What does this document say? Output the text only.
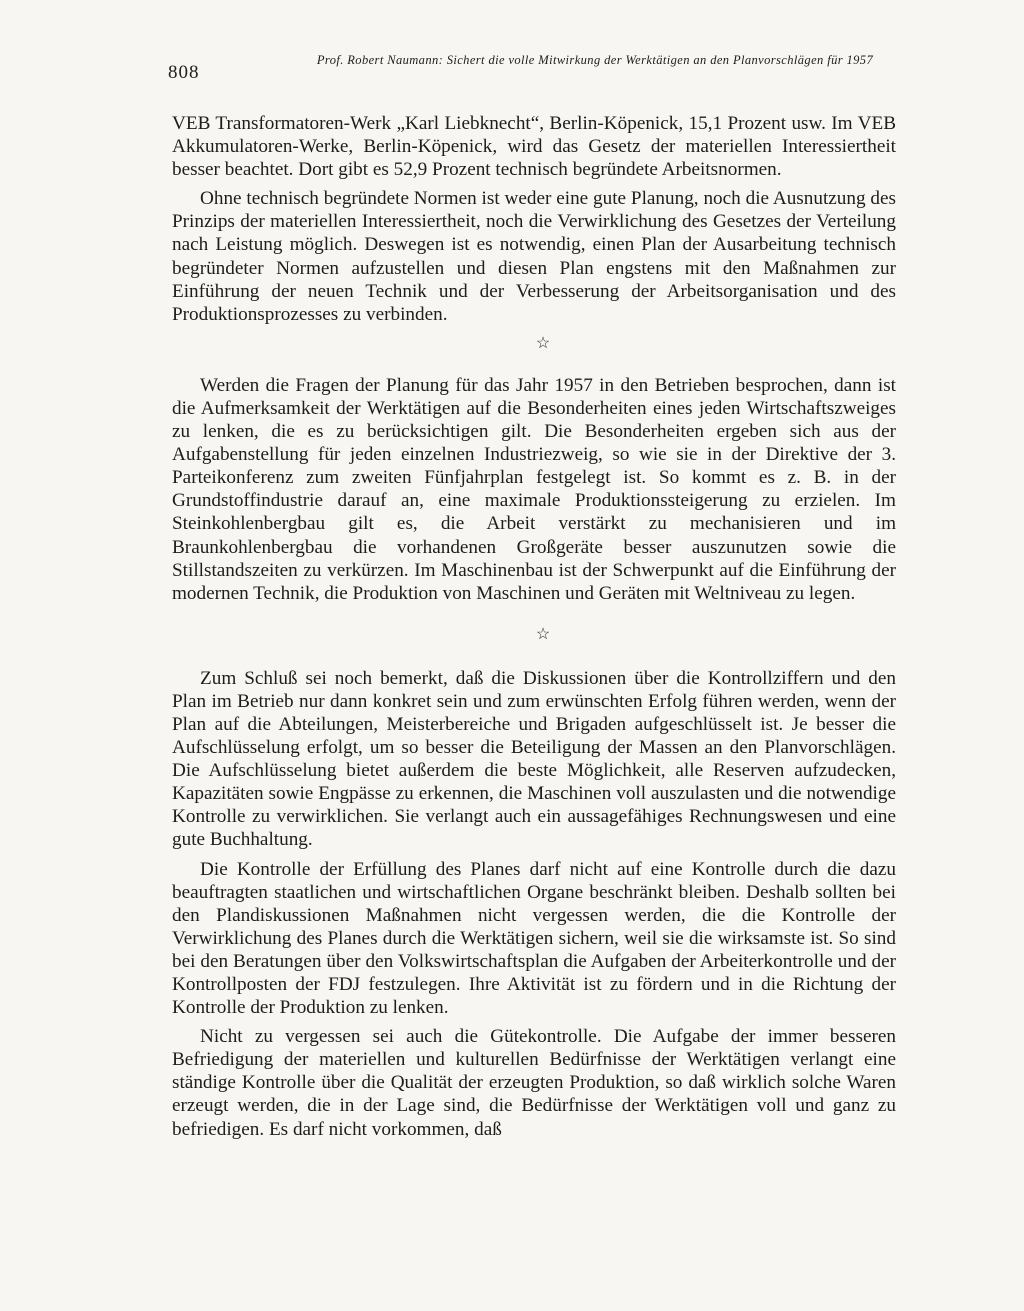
808
Prof. Robert Naumann: Sichert die volle Mitwirkung der Werktätigen an den Planvorschlägen für 1957

VEB Transformatoren-Werk „Karl Liebknecht“, Berlin-Köpenick, 15,1 Prozent usw. Im VEB Akkumulatoren-Werke, Berlin-Köpenick, wird das Gesetz der materiellen Interessiertheit besser beachtet. Dort gibt es 52,9 Prozent technisch begründete Arbeitsnormen.

Ohne technisch begründete Normen ist weder eine gute Planung, noch die Ausnutzung des Prinzips der materiellen Interessiertheit, noch die Verwirklichung des Gesetzes der Verteilung nach Leistung möglich. Deswegen ist es notwendig, einen Plan der Ausarbeitung technisch begründeter Normen aufzustellen und diesen Plan engstens mit den Maßnahmen zur Einführung der neuen Technik und der Verbesserung der Arbeitsorganisation und des Produktionsprozesses zu verbinden.

☆

Werden die Fragen der Planung für das Jahr 1957 in den Betrieben besprochen, dann ist die Aufmerksamkeit der Werktätigen auf die Besonderheiten eines jeden Wirtschaftszweiges zu lenken, die es zu berücksichtigen gilt. Die Besonderheiten ergeben sich aus der Aufgabenstellung für jeden einzelnen Industriezweig, so wie sie in der Direktive der 3. Parteikonferenz zum zweiten Fünfjahrplan festgelegt ist. So kommt es z. B. in der Grundstoffindustrie darauf an, eine maximale Produktionssteigerung zu erzielen. Im Steinkohlenbergbau gilt es, die Arbeit verstärkt zu mechanisieren und im Braunkohlenbergbau die vorhandenen Großgeräte besser auszunutzen sowie die Stillstandszeiten zu verkürzen. Im Maschinenbau ist der Schwerpunkt auf die Einführung der modernen Technik, die Produktion von Maschinen und Geräten mit Weltniveau zu legen.

☆

Zum Schluß sei noch bemerkt, daß die Diskussionen über die Kontrollziffern und den Plan im Betrieb nur dann konkret sein und zum erwünschten Erfolg führen werden, wenn der Plan auf die Abteilungen, Meisterbereiche und Brigaden aufgeschlüsselt ist. Je besser die Aufschlüsselung erfolgt, um so besser die Beteiligung der Massen an den Planvorschlägen. Die Aufschlüsselung bietet außerdem die beste Möglichkeit, alle Reserven aufzudecken, Kapazitäten sowie Engpässe zu erkennen, die Maschinen voll auszulasten und die notwendige Kontrolle zu verwirklichen. Sie verlangt auch ein aussagefähiges Rechnungswesen und eine gute Buchhaltung.

Die Kontrolle der Erfüllung des Planes darf nicht auf eine Kontrolle durch die dazu beauftragten staatlichen und wirtschaftlichen Organe beschränkt bleiben. Deshalb sollten bei den Plandiskussionen Maßnahmen nicht vergessen werden, die die Kontrolle der Verwirklichung des Planes durch die Werktätigen sichern, weil sie die wirksamste ist. So sind bei den Beratungen über den Volkswirtschaftsplan die Aufgaben der Arbeiterkontrolle und der Kontrollposten der FDJ festzulegen. Ihre Aktivität ist zu fördern und in die Richtung der Kontrolle der Produktion zu lenken.

Nicht zu vergessen sei auch die Gütekontrolle. Die Aufgabe der immer besseren Befriedigung der materiellen und kulturellen Bedürfnisse der Werktätigen verlangt eine ständige Kontrolle über die Qualität der erzeugten Produktion, so daß wirklich solche Waren erzeugt werden, die in der Lage sind, die Bedürfnisse der Werktätigen voll und ganz zu befriedigen. Es darf nicht vorkommen, daß
